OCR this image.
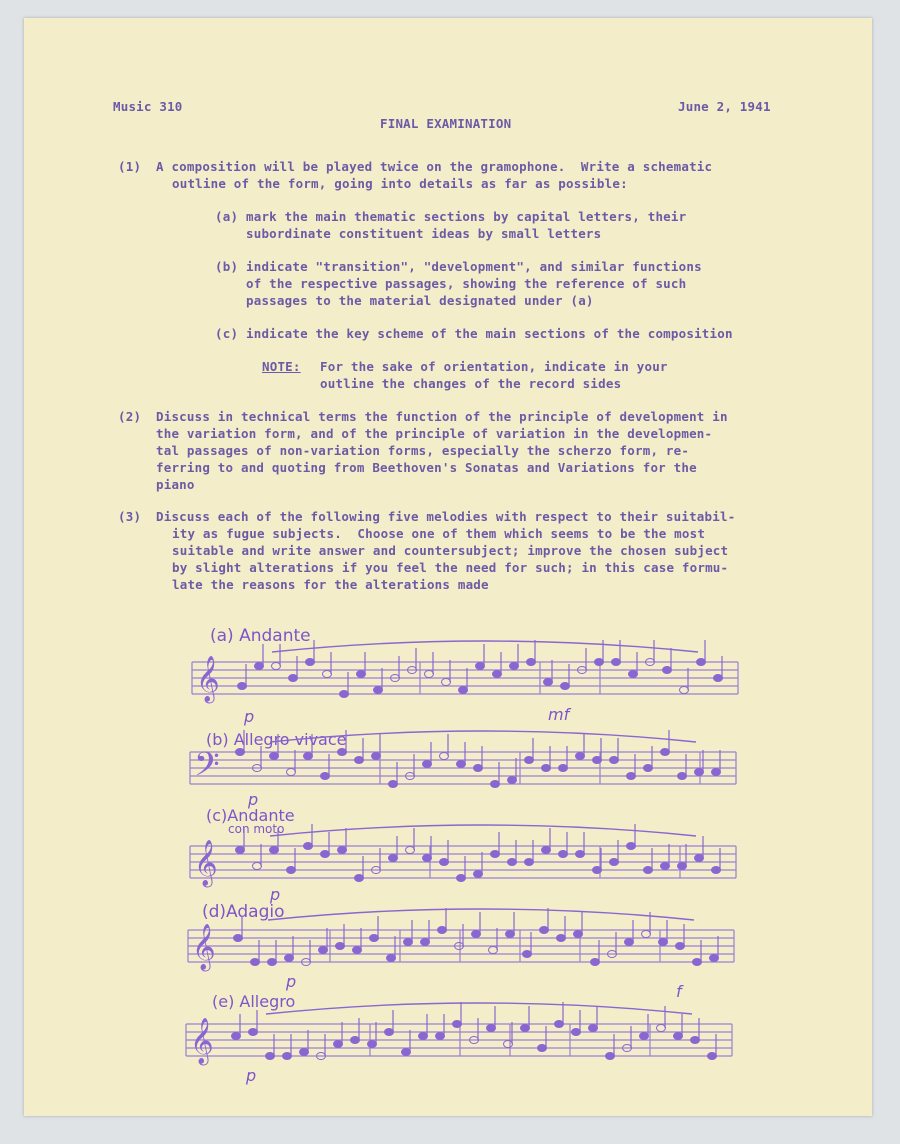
Music 310	June 2, 1941
FINAL EXAMINATION
(1) A composition will be played twice on the gramophone.  Write a schematic
outline of the form, going into details as far as possible:
(a) mark the main thematic sections by capital letters, their
subordinate constituent ideas by small letters
(b) indicate "transition", "development", and similar functions
of the respective passages, showing the reference of such
passages to the material designated under (a)
(c) indicate the key scheme of the main sections of the composition
NOTE: For the sake of orientation, indicate in your
outline the changes of the record sides
(2) Discuss in technical terms the function of the principle of development in
the variation form, and of the principle of variation in the developmen-
tal passages of non-variation forms, especially the scherzo form, re-
ferring to and quoting from Beethoven's Sonatas and Variations for the
piano
(3) Discuss each of the following five melodies with respect to their suitabil-
ity as fugue subjects.  Choose one of them which seems to be the most
suitable and write answer and countersubject; improve the chosen subject
by slight alterations if you feel the need for such; in this case formu-
late the reasons for the alterations made
(a) Andante
(b) Allegro vivace
(c)Andante
con moto
(d)Adagio
(e) Allegro
p	mf
p
p
p
f
p
𝄞
𝄢
𝄞
𝄞
𝄞
